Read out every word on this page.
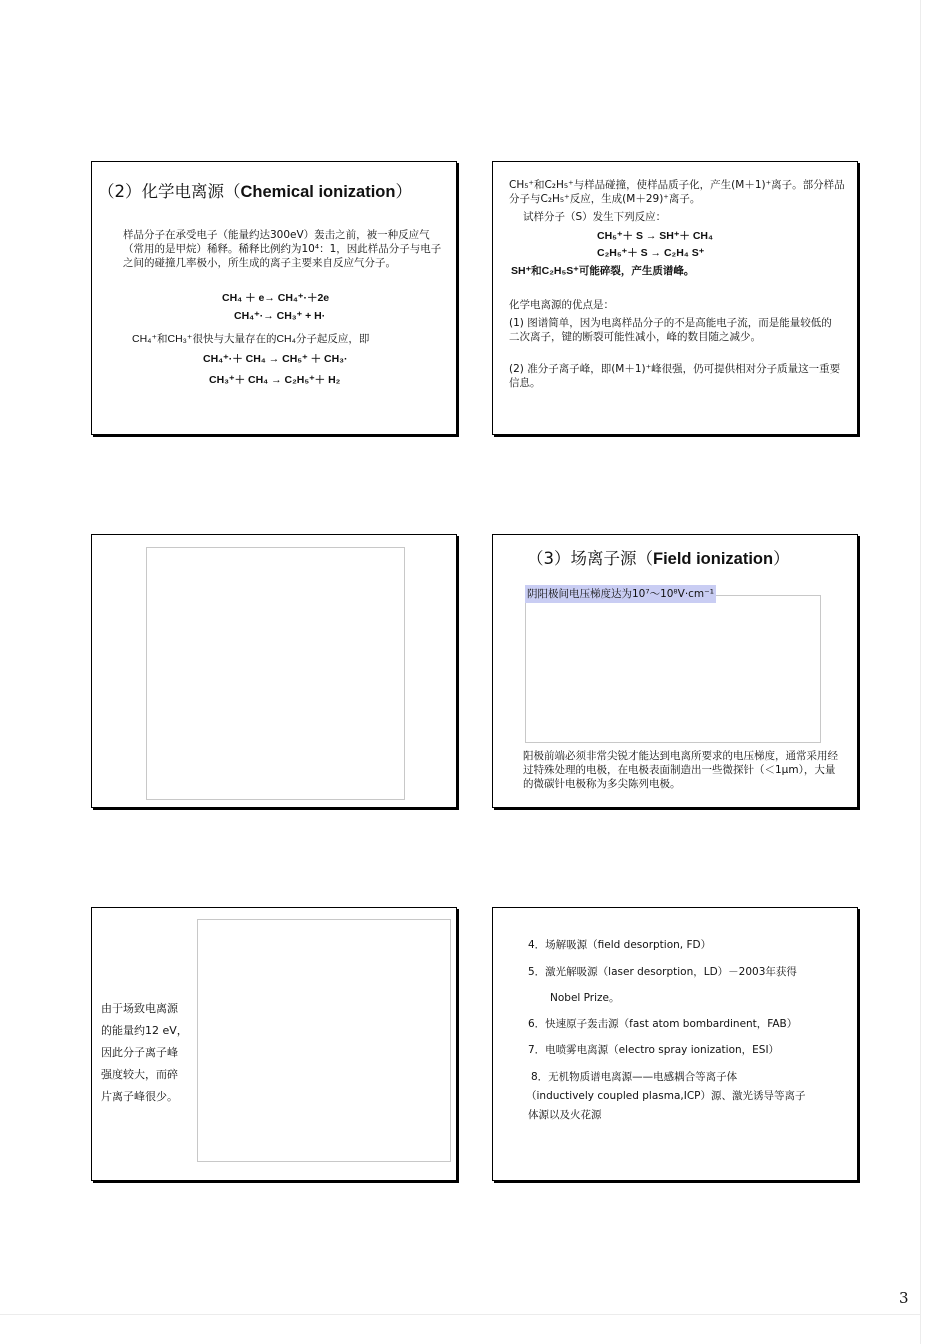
（2）化学电离源（Chemical ionization）
样品分子在承受电子（能量约达300eV）轰击之前，被一种反应气（常用的是甲烷）稀释。稀释比例约为10⁴：1，因此样品分子与电子之间的碰撞几率极小，所生成的离子主要来自反应气分子。
CH₄ ＋ e→ CH₄⁺·＋2e
CH₄⁺·→ CH₃⁺ + H·
CH₄⁺和CH₃⁺很快与大量存在的CH₄分子起反应，即
CH₄⁺·＋ CH₄ → CH₅⁺ ＋ CH₃·
CH₃⁺＋ CH₄ → C₂H₅⁺＋ H₂
CH₅⁺和C₂H₅⁺与样品碰撞，使样品质子化，产生(M＋1)⁺离子。部分样品分子与C₂H₅⁺反应，生成(M＋29)⁺离子。
试样分子（S）发生下列反应：
CH₅⁺＋ S → SH⁺＋ CH₄
C₂H₅⁺＋ S → C₂H₄ S⁺
SH⁺和C₂H₅S⁺可能碎裂，产生质谱峰。
化学电离源的优点是：
(1) 图谱简单，因为电离样品分子的不是高能电子流，而是能量较低的二次离子，键的断裂可能性减小，峰的数目随之减少。
(2) 准分子离子峰，即(M＋1)⁺峰很强，仍可提供相对分子质量这一重要信息。
（3）场离子源（Field ionization）
阴阳极间电压梯度达为10⁷～10⁸V·cm⁻¹
阳极前端必须非常尖锐才能达到电离所要求的电压梯度，通常采用经过特殊处理的电极，在电极表面制造出一些微探针（＜1μm），大量的微碳针电极称为多尖陈列电极。
由于场致电离源
的能量约12 eV，
因此分子离子峰
强度较大，而碎
片离子峰很少。
4．场解吸源（field desorption, FD）
5．激光解吸源（laser desorption，LD）－2003年获得
Nobel Prize。
6．快速原子轰击源（fast atom bombardinent，FAB）
7．电喷雾电离源（electro spray ionization，ESI）
8．无机物质谱电离源——电感耦合等离子体
（inductively coupled plasma,ICP）源、激光诱导等离子
体源以及火花源
3
